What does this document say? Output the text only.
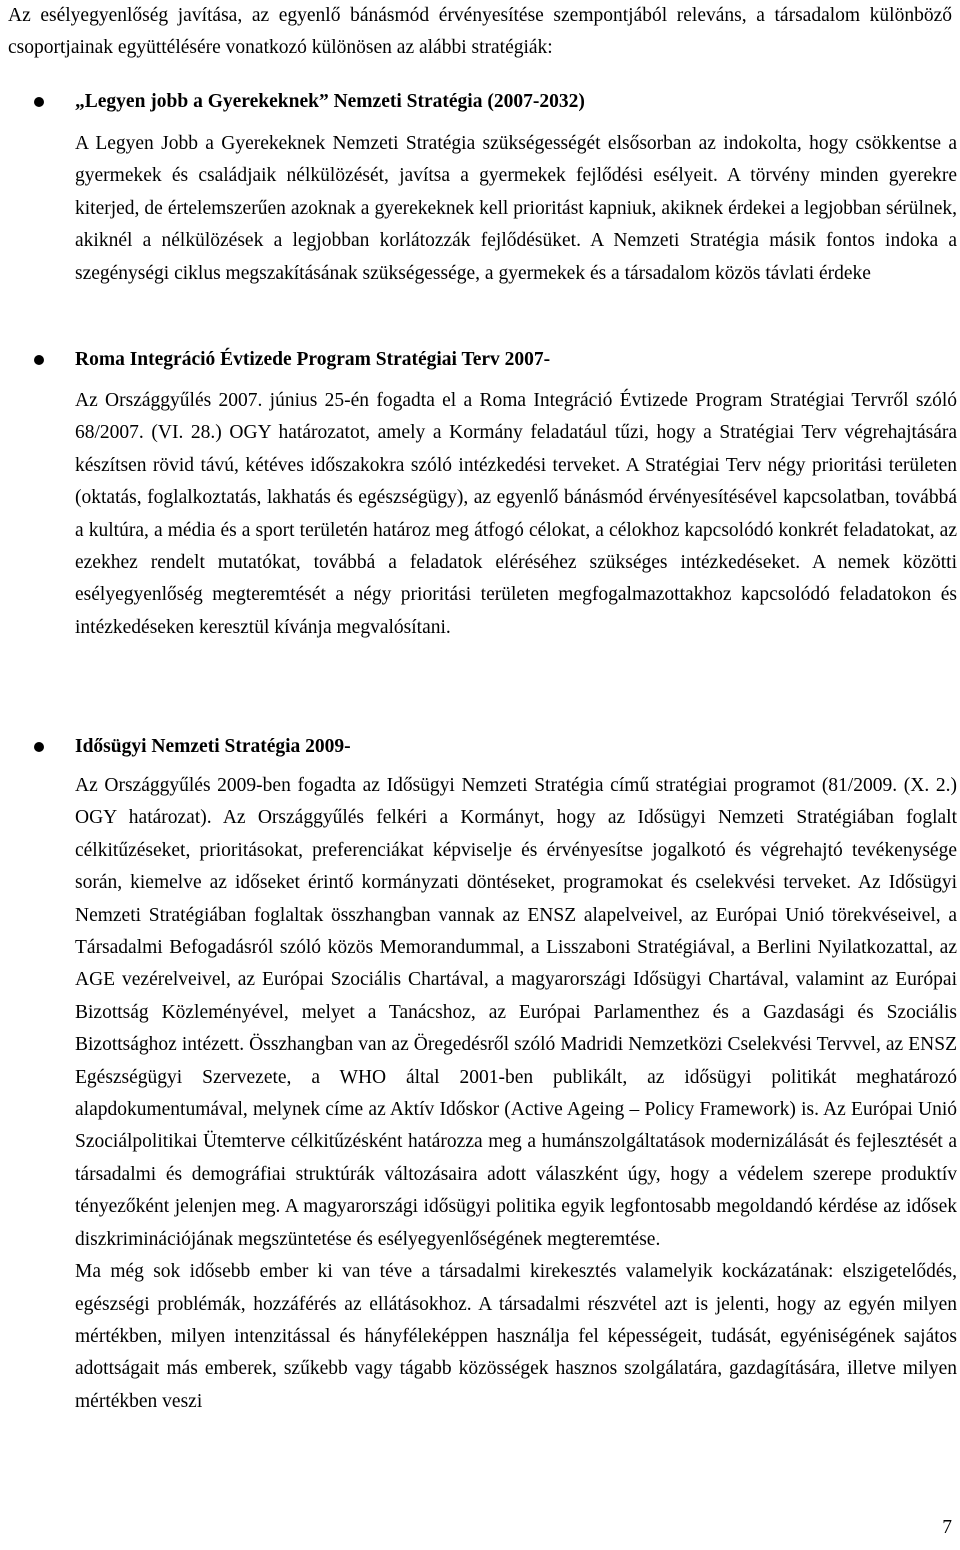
Az esélyegyenlőség javítása, az egyenlő bánásmód érvényesítése szempontjából releváns, a társadalom különböző csoportjainak együttélésére vonatkozó különösen az alábbi stratégiák:

„Legyen jobb a Gyerekeknek” Nemzeti Stratégia (2007-2032)

A Legyen Jobb a Gyerekeknek Nemzeti Stratégia szükségességét elsősorban az indokolta, hogy csökkentse a gyermekek és családjaik nélkülözését, javítsa a gyermekek fejlődési esélyeit. A törvény minden gyerekre kiterjed, de értelemszerűen azoknak a gyerekeknek kell prioritást kapniuk, akiknek érdekei a legjobban sérülnek, akiknél a nélkülözések a legjobban korlátozzák fejlődésüket. A Nemzeti Stratégia másik fontos indoka a szegénységi ciklus megszakításának szükségessége, a gyermekek és a társadalom közös távlati érdeke

Roma Integráció Évtizede Program Stratégiai Terv 2007-

Az Országgyűlés 2007. június 25-én fogadta el a Roma Integráció Évtizede Program Stratégiai Tervről szóló 68/2007. (VI. 28.) OGY határozatot, amely a Kormány feladatául tűzi, hogy a Stratégiai Terv végrehajtására készítsen rövid távú, kétéves időszakokra szóló intézkedési terveket. A Stratégiai Terv négy prioritási területen (oktatás, foglalkoztatás, lakhatás és egészségügy), az egyenlő bánásmód érvényesítésével kapcsolatban, továbbá a kultúra, a média és a sport területén határoz meg átfogó célokat, a célokhoz kapcsolódó konkrét feladatokat, az ezekhez rendelt mutatókat, továbbá a feladatok eléréséhez szükséges intézkedéseket. A nemek közötti esélyegyenlőség megteremtését a négy prioritási területen megfogalmazottakhoz kapcsolódó feladatokon és intézkedéseken keresztül kívánja megvalósítani.

Idősügyi Nemzeti Stratégia 2009-

Az Országgyűlés 2009-ben fogadta az Idősügyi Nemzeti Stratégia című stratégiai programot (81/2009. (X. 2.) OGY határozat). Az Országgyűlés felkéri a Kormányt, hogy az Idősügyi Nemzeti Stratégiában foglalt célkitűzéseket, prioritásokat, preferenciákat képviselje és érvényesítse jogalkotó és végrehajtó tevékenysége során, kiemelve az időseket érintő kormányzati döntéseket, programokat és cselekvési terveket. Az Idősügyi Nemzeti Stratégiában foglaltak összhangban vannak az ENSZ alapelveivel, az Európai Unió törekvéseivel, a Társadalmi Befogadásról szóló közös Memorandummal, a Lisszaboni Stratégiával, a Berlini Nyilatkozattal, az AGE vezérelveivel, az Európai Szociális Chartával, a magyarországi Idősügyi Chartával, valamint az Európai Bizottság Közleményével, melyet a Tanácshoz, az Európai Parlamenthez és a Gazdasági és Szociális Bizottsághoz intézett. Összhangban van az Öregedésről szóló Madridi Nemzetközi Cselekvési Tervvel, az ENSZ Egészségügyi Szervezete, a WHO által 2001-ben publikált, az idősügyi politikát meghatározó alapdokumentumával, melynek címe az Aktív Időskor (Active Ageing – Policy Framework) is. Az Európai Unió Szociálpolitikai Ütemterve célkitűzésként határozza meg a humánszolgáltatások modernizálását és fejlesztését a társadalmi és demográfiai struktúrák változásaira adott válaszként úgy, hogy a védelem szerepe produktív tényezőként jelenjen meg. A magyarországi idősügyi politika egyik legfontosabb megoldandó kérdése az idősek diszkriminációjának megszüntetése és esélyegyenlőségének megteremtése.

Ma még sok idősebb ember ki van téve a társadalmi kirekesztés valamelyik kockázatának: elszigetelődés, egészségi problémák, hozzáférés az ellátásokhoz. A társadalmi részvétel azt is jelenti, hogy az egyén milyen mértékben, milyen intenzitással és hányféleképpen használja fel képességeit, tudását, egyéniségének sajátos adottságait más emberek, szűkebb vagy tágabb közösségek hasznos szolgálatára, gazdagítására, illetve milyen mértékben veszi

7
